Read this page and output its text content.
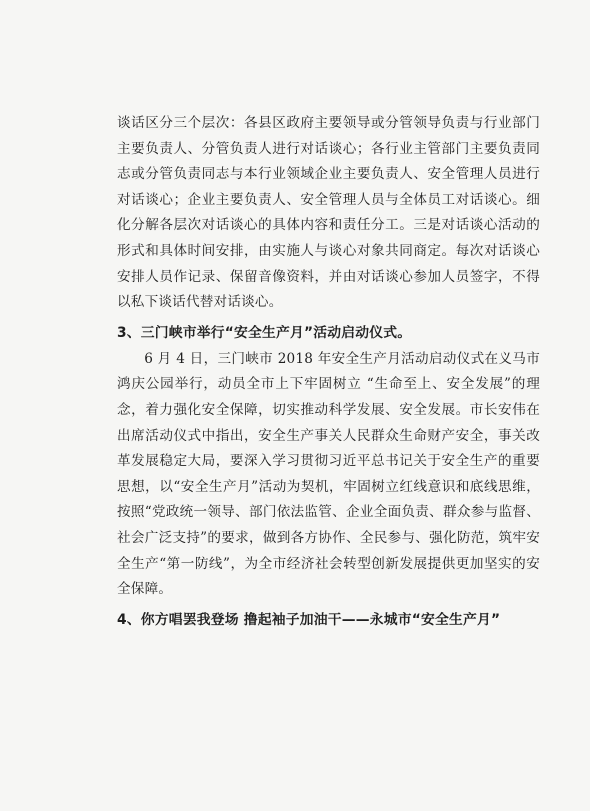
谈话区分三个层次：各县区政府主要领导或分管领导负责与行业部门主要负责人、分管负责人进行对话谈心；各行业主管部门主要负责同志或分管负责同志与本行业领域企业主要负责人、安全管理人员进行对话谈心；企业主要负责人、安全管理人员与全体员工对话谈心。细化分解各层次对话谈心的具体内容和责任分工。三是对话谈心活动的形式和具体时间安排，由实施人与谈心对象共同商定。每次对话谈心安排人员作记录、保留音像资料，并由对话谈心参加人员签字，不得以私下谈话代替对话谈心。

3、三门峡市举行“安全生产月”活动启动仪式。

6 月 4 日，三门峡市 2018 年安全生产月活动启动仪式在义马市鸿庆公园举行，动员全市上下牢固树立 “生命至上、安全发展”的理念，着力强化安全保障，切实推动科学发展、安全发展。市长安伟在出席活动仪式中指出，安全生产事关人民群众生命财产安全，事关改革发展稳定大局，要深入学习贯彻习近平总书记关于安全生产的重要思想，以“安全生产月”活动为契机，牢固树立红线意识和底线思维，按照“党政统一领导、部门依法监管、企业全面负责、群众参与监督、社会广泛支持”的要求，做到各方协作、全民参与、强化防范，筑牢安全生产“第一防线”，为全市经济社会转型创新发展提供更加坚实的安全保障。

4、你方唱罢我登场 撸起袖子加油干——永城市“安全生产月”
